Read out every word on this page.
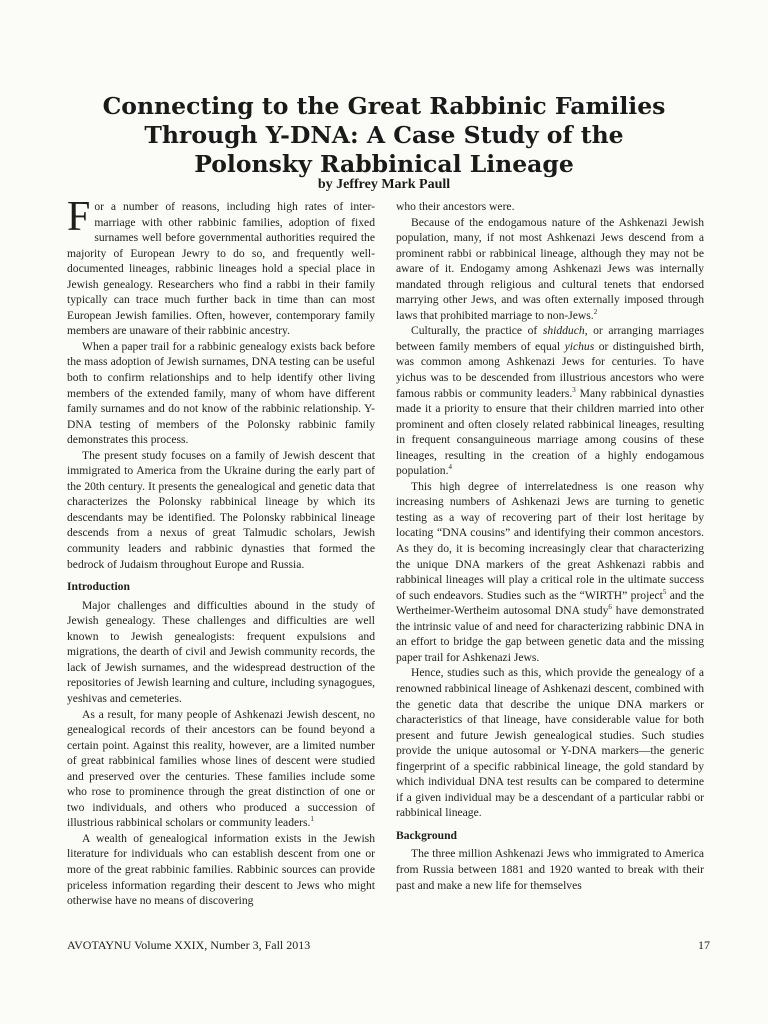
Connecting to the Great Rabbinic Families
Through Y-DNA: A Case Study of the
Polonsky Rabbinical Lineage
by Jeffrey Mark Paull

For a number of reasons, including high rates of inter-marriage with other rabbinic families, adoption of fixed surnames well before governmental authorities required the majority of European Jewry to do so, and frequently well-documented lineages, rabbinic lineages hold a special place in Jewish genealogy. Researchers who find a rabbi in their family typically can trace much further back in time than can most European Jewish families. Often, however, contemporary family members are unaware of their rabbinic ancestry.

When a paper trail for a rabbinic genealogy exists back before the mass adoption of Jewish surnames, DNA testing can be useful both to confirm relationships and to help identify other living members of the extended family, many of whom have different family surnames and do not know of the rabbinic relationship. Y-DNA testing of members of the Polonsky rabbinic family demonstrates this process.

The present study focuses on a family of Jewish descent that immigrated to America from the Ukraine during the early part of the 20th century. It presents the genealogical and genetic data that characterizes the Polonsky rabbinical lineage by which its descendants may be identified. The Polonsky rabbinical lineage descends from a nexus of great Talmudic scholars, Jewish community leaders and rabbinic dynasties that formed the bedrock of Judaism throughout Europe and Russia.

Introduction

Major challenges and difficulties abound in the study of Jewish genealogy. These challenges and difficulties are well known to Jewish genealogists: frequent expulsions and migrations, the dearth of civil and Jewish community records, the lack of Jewish surnames, and the widespread destruction of the repositories of Jewish learning and culture, including synagogues, yeshivas and cemeteries.

As a result, for many people of Ashkenazi Jewish descent, no genealogical records of their ancestors can be found beyond a certain point. Against this reality, however, are a limited number of great rabbinical families whose lines of descent were studied and preserved over the centuries. These families include some who rose to prominence through the great distinction of one or two individuals, and others who produced a succession of illustrious rabbinical scholars or community leaders.$^1$

A wealth of genealogical information exists in the Jewish literature for individuals who can establish descent from one or more of the great rabbinic families. Rabbinic sources can provide priceless information regarding their descent to Jews who might otherwise have no means of discovering

who their ancestors were.

Because of the endogamous nature of the Ashkenazi Jewish population, many, if not most Ashkenazi Jews descend from a prominent rabbi or rabbinical lineage, although they may not be aware of it. Endogamy among Ashkenazi Jews was internally mandated through religious and cultural tenets that endorsed marrying other Jews, and was often externally imposed through laws that prohibited marriage to non-Jews.$^2$

Culturally, the practice of shidduch, or arranging marriages between family members of equal yichus or distinguished birth, was common among Ashkenazi Jews for centuries. To have yichus was to be descended from illustrious ancestors who were famous rabbis or community leaders.$^3$ Many rabbinical dynasties made it a priority to ensure that their children married into other prominent and often closely related rabbinical lineages, resulting in frequent consanguineous marriage among cousins of these lineages, resulting in the creation of a highly endogamous population.$^4$

This high degree of interrelatedness is one reason why increasing numbers of Ashkenazi Jews are turning to genetic testing as a way of recovering part of their lost heritage by locating “DNA cousins” and identifying their common ancestors. As they do, it is becoming increasingly clear that characterizing the unique DNA markers of the great Ashkenazi rabbis and rabbinical lineages will play a critical role in the ultimate success of such endeavors. Studies such as the “WIRTH” project$^5$ and the Wertheimer-Wertheim autosomal DNA study$^6$ have demonstrated the intrinsic value of and need for characterizing rabbinic DNA in an effort to bridge the gap between genetic data and the missing paper trail for Ashkenazi Jews.

Hence, studies such as this, which provide the genealogy of a renowned rabbinical lineage of Ashkenazi descent, combined with the genetic data that describe the unique DNA markers or characteristics of that lineage, have considerable value for both present and future Jewish genealogical studies. Such studies provide the unique autosomal or Y-DNA markers—the generic fingerprint of a specific rabbinical lineage, the gold standard by which individual DNA test results can be compared to determine if a given individual may be a descendant of a particular rabbi or rabbinical lineage.

Background

The three million Ashkenazi Jews who immigrated to America from Russia between 1881 and 1920 wanted to break with their past and make a new life for themselves

AVOTAYNU Volume XXIX, Number 3, Fall 2013	17
